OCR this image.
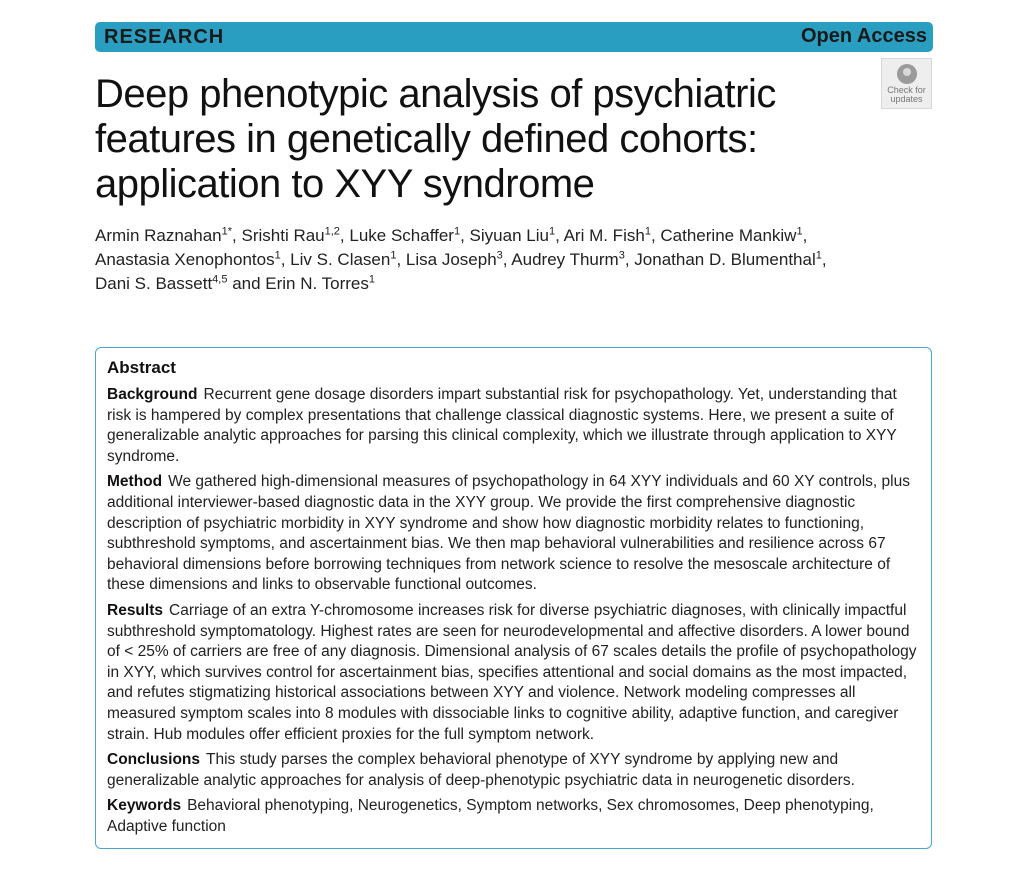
RESEARCH	Open Access
Check for updates
Deep phenotypic analysis of psychiatric features in genetically defined cohorts: application to XYY syndrome
Armin Raznahan$^{1*}$, Srishti Rau$^{1,2}$, Luke Schaffer$^1$, Siyuan Liu$^1$, Ari M. Fish$^1$, Catherine Mankiw$^1$, Anastasia Xenophontos$^1$, Liv S. Clasen$^1$, Lisa Joseph$^3$, Audrey Thurm$^3$, Jonathan D. Blumenthal$^1$, Dani S. Bassett$^{4,5}$ and Erin N. Torres$^1$
Abstract

Background Recurrent gene dosage disorders impart substantial risk for psychopathology. Yet, understanding that risk is hampered by complex presentations that challenge classical diagnostic systems. Here, we present a suite of generalizable analytic approaches for parsing this clinical complexity, which we illustrate through application to XYY syndrome.

Method We gathered high-dimensional measures of psychopathology in 64 XYY individuals and 60 XY controls, plus additional interviewer-based diagnostic data in the XYY group. We provide the first comprehensive diagnostic description of psychiatric morbidity in XYY syndrome and show how diagnostic morbidity relates to functioning, subthreshold symptoms, and ascertainment bias. We then map behavioral vulnerabilities and resilience across 67 behavioral dimensions before borrowing techniques from network science to resolve the mesoscale architecture of these dimensions and links to observable functional outcomes.

Results Carriage of an extra Y-chromosome increases risk for diverse psychiatric diagnoses, with clinically impactful subthreshold symptomatology. Highest rates are seen for neurodevelopmental and affective disorders. A lower bound of < 25% of carriers are free of any diagnosis. Dimensional analysis of 67 scales details the profile of psychopathology in XYY, which survives control for ascertainment bias, specifies attentional and social domains as the most impacted, and refutes stigmatizing historical associations between XYY and violence. Network modeling compresses all measured symptom scales into 8 modules with dissociable links to cognitive ability, adaptive function, and caregiver strain. Hub modules offer efficient proxies for the full symptom network.

Conclusions This study parses the complex behavioral phenotype of XYY syndrome by applying new and generalizable analytic approaches for analysis of deep-phenotypic psychiatric data in neurogenetic disorders.

Keywords Behavioral phenotyping, Neurogenetics, Symptom networks, Sex chromosomes, Deep phenotyping, Adaptive function
